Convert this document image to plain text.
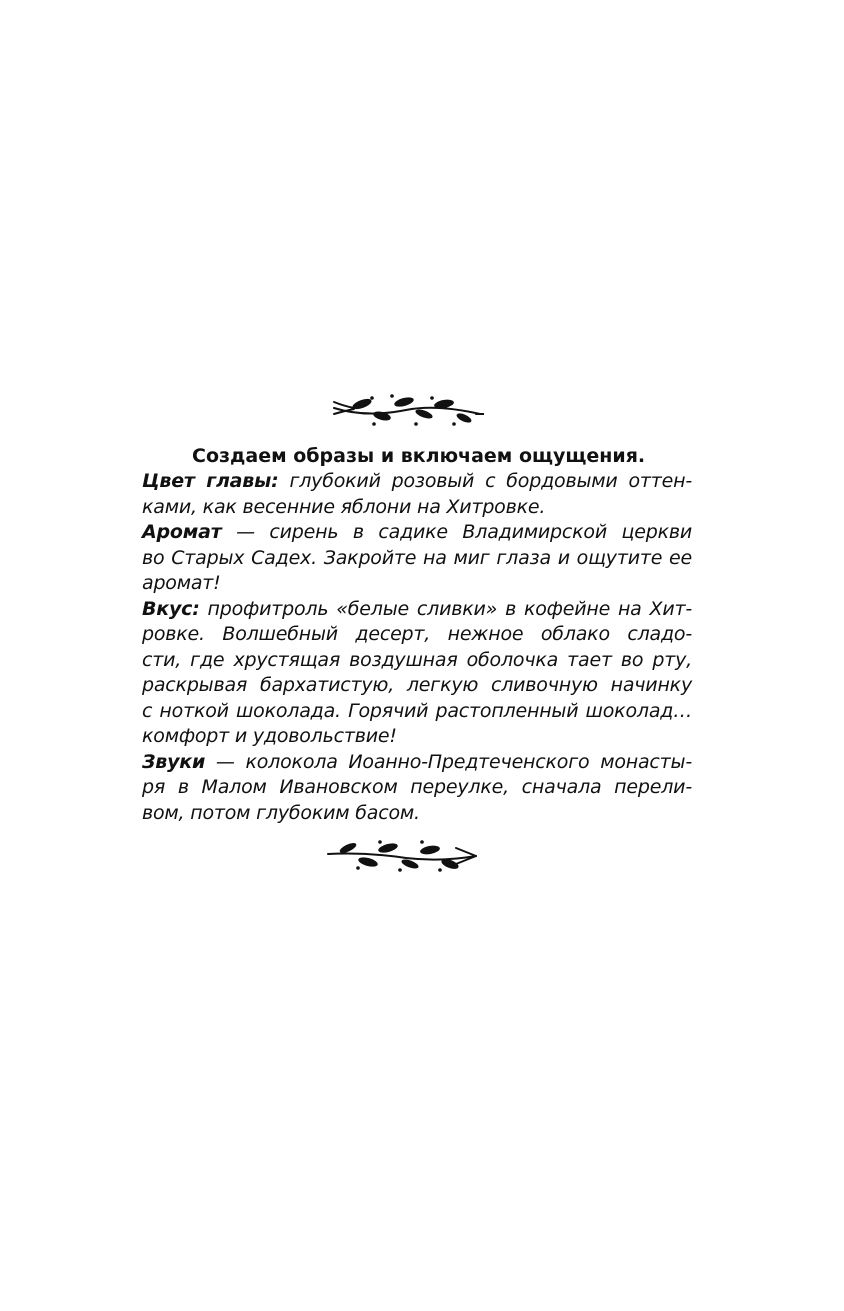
Создаем образы и включаем ощущения.

Цвет главы: глубокий розовый с бордовыми оттен-
ками, как весенние яблони на Хитровке.

Аромат — сирень в садике Владимирской церкви
во Старых Садех. Закройте на миг глаза и ощутите ее
аромат!

Вкус: профитроль «белые сливки» в кофейне на Хит-
ровке. Волшебный десерт, нежное облако сладо-
сти, где хрустящая воздушная оболочка тает во рту,
раскрывая бархатистую, легкую сливочную начинку
с ноткой шоколада. Горячий растопленный шоколад…
комфорт и удовольствие!

Звуки — колокола Иоанно-Предтеченского монасты-
ря в Малом Ивановском переулке, сначала перели-
вом, потом глубоким басом.
